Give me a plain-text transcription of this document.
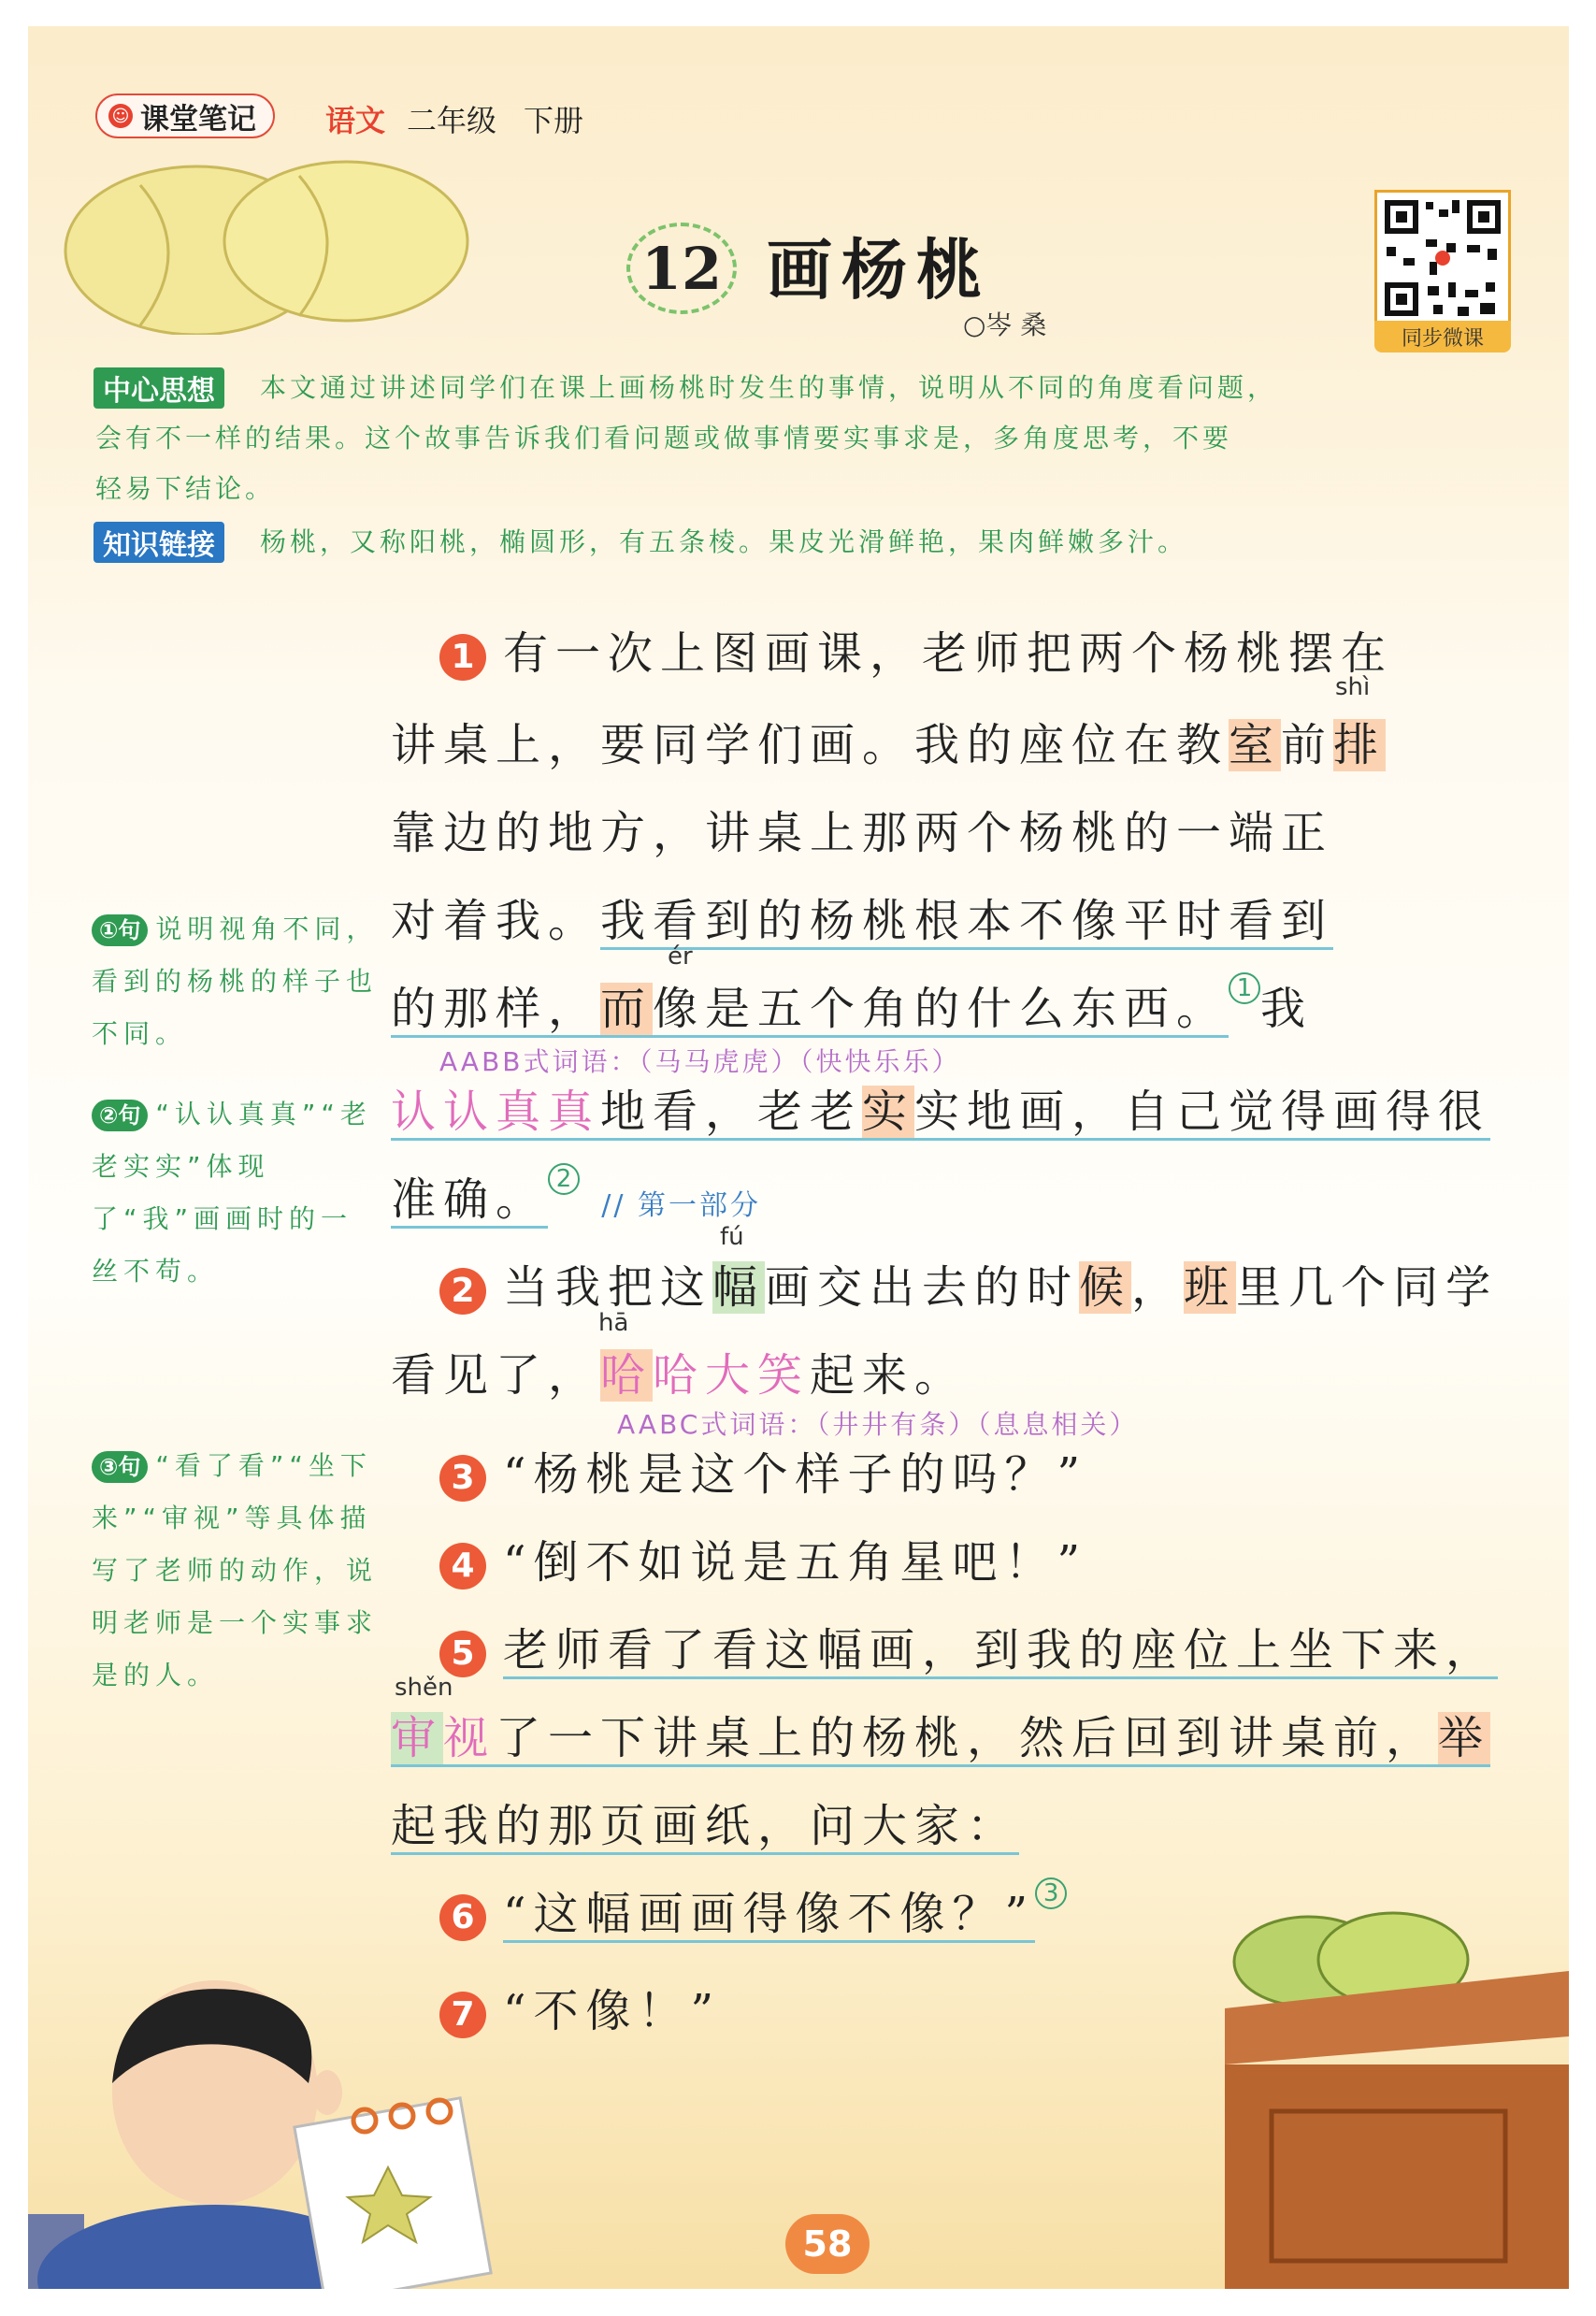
☺ 课堂笔记 语文 二年级 下册
12 画杨桃
○岑 桑	同步微课
中心思想	本文通过讲述同学们在课上画杨桃时发生的事情，说明从不同的角度看问题，
会有不一样的结果。这个故事告诉我们看问题或做事情要实事求是，多角度思考，不要
轻易下结论。
知识链接	杨桃，又称阳桃，椭圆形，有五条棱。果皮光滑鲜艳，果肉鲜嫩多汁。
1 有一次上图画课，老师把两个杨桃摆在
shì
讲桌上，要同学们画。我的座位在教室前排
靠边的地方，讲桌上那两个杨桃的一端正
对着我。我看到的杨桃根本不像平时看到
ér
的那样，而像是五个角的什么东西。 1 我
AABB式词语：（马马虎虎）（快快乐乐）
认认真真地看，老老实实地画，自己觉得画得很
准确。 2 // 第一部分
fú
2 当我把这幅画交出去的时候，班里几个同学
hā
看见了，哈哈大笑起来。
AABC式词语：（井井有条）（息息相关）
3 “杨桃是这个样子的吗？”
4 “倒不如说是五角星吧！”
5 老师看了看这幅画，到我的座位上坐下来，
shěn
审视了一下讲桌上的杨桃，然后回到讲桌前，举
起我的那页画纸，问大家：
6 “这幅画画得像不像？” 3
7 “不像！”
①句 说明视角不同，看到的杨桃的样子也不同。
②句 “认认真真”“老老实实”体现了“我”画画时的一丝不苟。
③句 “看了看”“坐下来”“审视”等具体描写了老师的动作，说明老师是一个实事求是的人。
58
